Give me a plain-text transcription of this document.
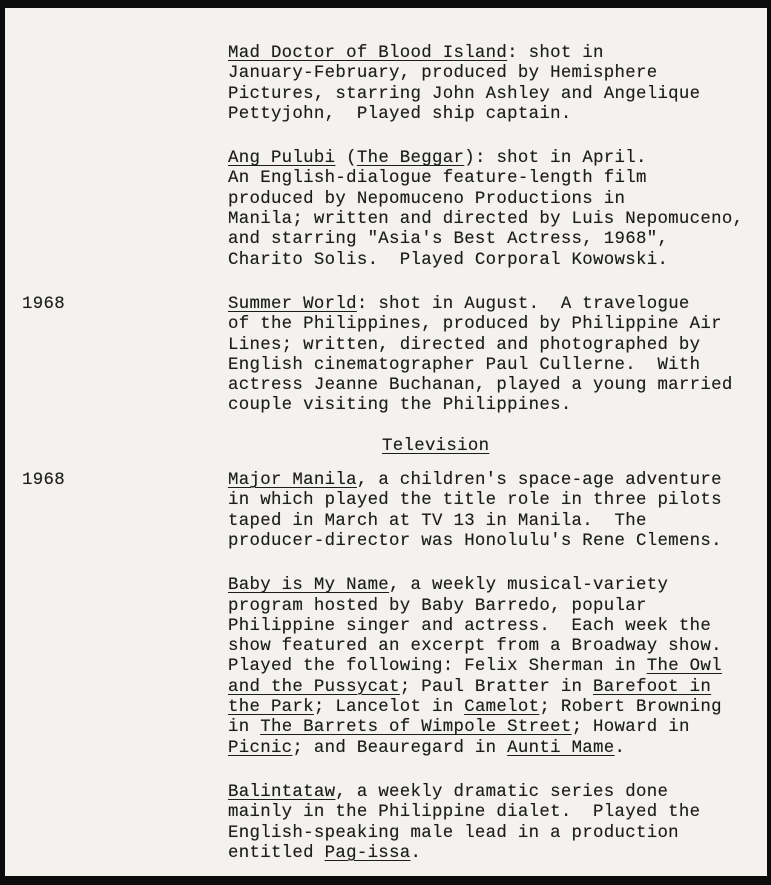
Mad Doctor of Blood Island: shot in
January-February, produced by Hemisphere
Pictures, starring John Ashley and Angelique
Pettyjohn,  Played ship captain.
Ang Pulubi (The Beggar): shot in April.
An English-dialogue feature-length film
produced by Nepomuceno Productions in
Manila; written and directed by Luis Nepomuceno,
and starring "Asia's Best Actress, 1968",
Charito Solis.  Played Corporal Kowowski.
1968	Summer World: shot in August.  A travelogue
of the Philippines, produced by Philippine Air
Lines; written, directed and photographed by
English cinematographer Paul Cullerne.  With
actress Jeanne Buchanan, played a young married
couple visiting the Philippines.
Television
1968	Major Manila, a children's space-age adventure
in which played the title role in three pilots
taped in March at TV 13 in Manila.  The
producer-director was Honolulu's Rene Clemens.
Baby is My Name, a weekly musical-variety
program hosted by Baby Barredo, popular
Philippine singer and actress.  Each week the
show featured an excerpt from a Broadway show.
Played the following: Felix Sherman in The Owl
and the Pussycat; Paul Bratter in Barefoot in
the Park; Lancelot in Camelot; Robert Browning
in The Barrets of Wimpole Street; Howard in
Picnic; and Beauregard in Aunti Mame.
Balintataw, a weekly dramatic series done
mainly in the Philippine dialet.  Played the
English-speaking male lead in a production
entitled Pag-issa.
